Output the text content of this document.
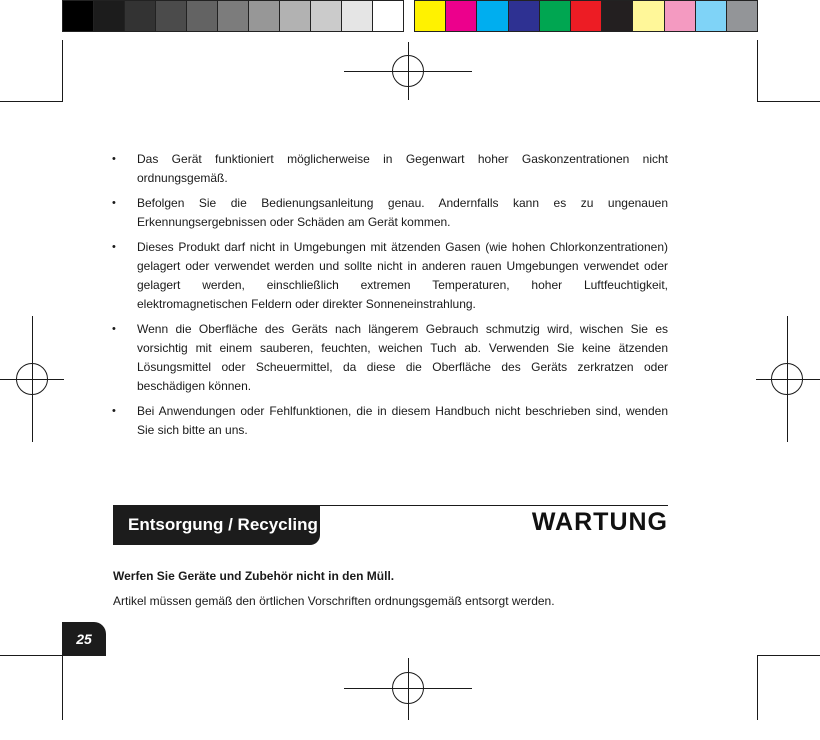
• Das Gerät funktioniert möglicherweise in Gegenwart hoher Gaskonzentrationen nicht ordnungsgemäß.
• Befolgen Sie die Bedienungsanleitung genau. Andernfalls kann es zu ungenauen Erkennungsergebnissen oder Schäden am Gerät kommen.
• Dieses Produkt darf nicht in Umgebungen mit ätzenden Gasen (wie hohen Chlorkonzentrationen) gelagert oder verwendet werden und sollte nicht in anderen rauen Umgebungen verwendet oder gelagert werden, einschließlich extremen Temperaturen, hoher Luftfeuchtigkeit, elektromagnetischen Feldern oder direkter Sonneneinstrahlung.
• Wenn die Oberfläche des Geräts nach längerem Gebrauch schmutzig wird, wischen Sie es vorsichtig mit einem sauberen, feuchten, weichen Tuch ab. Verwenden Sie keine ätzenden Lösungsmittel oder Scheuermittel, da diese die Oberfläche des Geräts zerkratzen oder beschädigen können.
• Bei Anwendungen oder Fehlfunktionen, die in diesem Handbuch nicht beschrieben sind, wenden Sie sich bitte an uns.
Entsorgung / Recycling	WARTUNG
Werfen Sie Geräte und Zubehör nicht in den Müll.
Artikel müssen gemäß den örtlichen Vorschriften ordnungsgemäß entsorgt werden.
25
